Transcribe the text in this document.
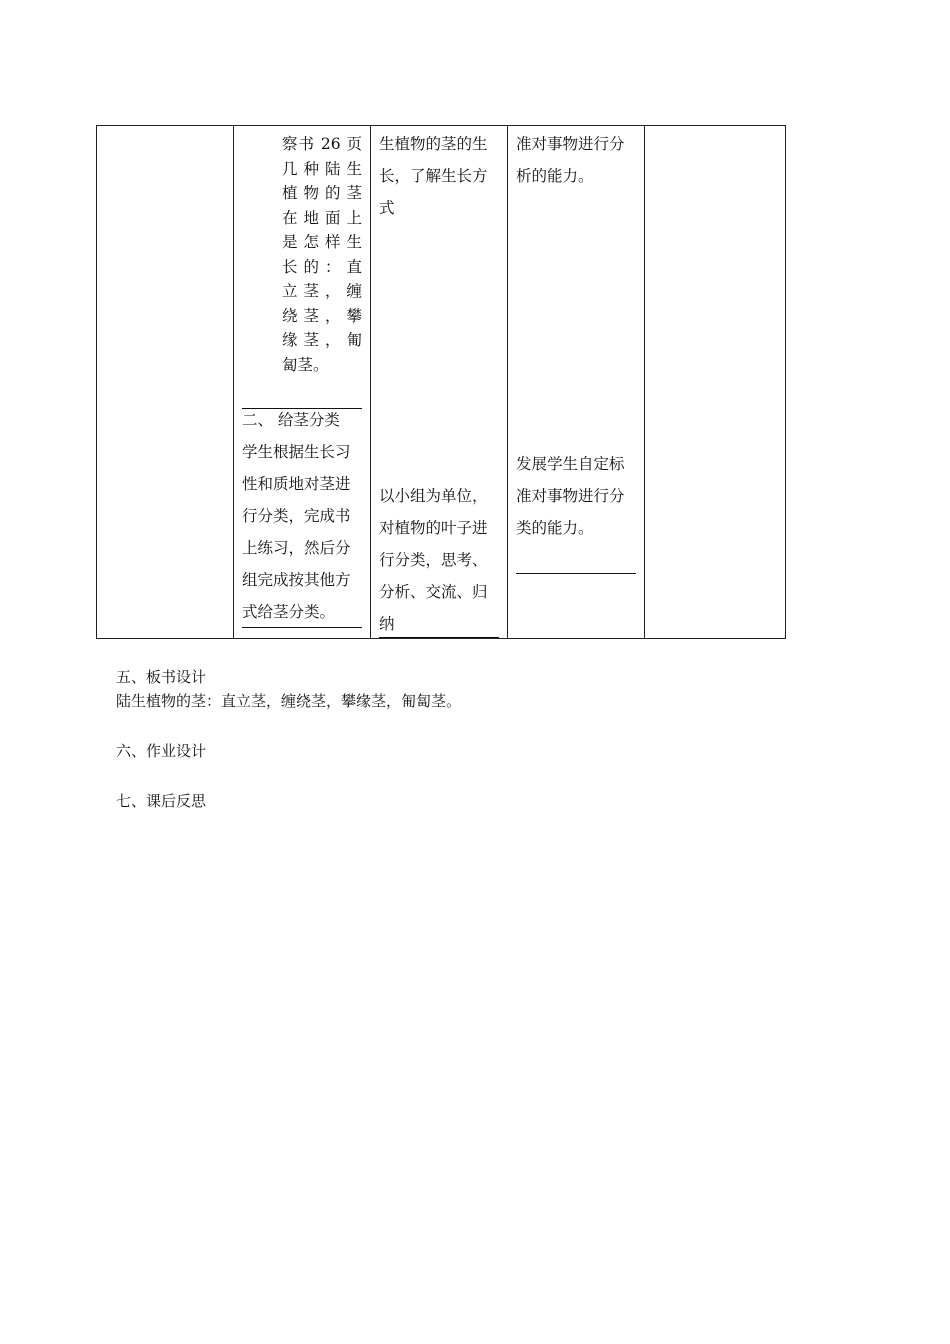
察书 26 页
几种陆生
植物的茎
在地面上
是怎样生
长的：直
立茎，缠
绕茎，攀
缘茎，匍
匐茎。
二、 给茎分类
学生根据生长习
性和质地对茎进
行分类，完成书
上练习，然后分
组完成按其他方
式给茎分类。

生植物的茎的生
长，了解生长方
式
以小组为单位，
对植物的叶子进
行分类，思考、
分析、交流、归
纳

准对事物进行分
析的能力。
发展学生自定标
准对事物进行分
类的能力。

五、板书设计
陆生植物的茎：直立茎，缠绕茎，攀缘茎，匍匐茎。
六、作业设计
七、课后反思
